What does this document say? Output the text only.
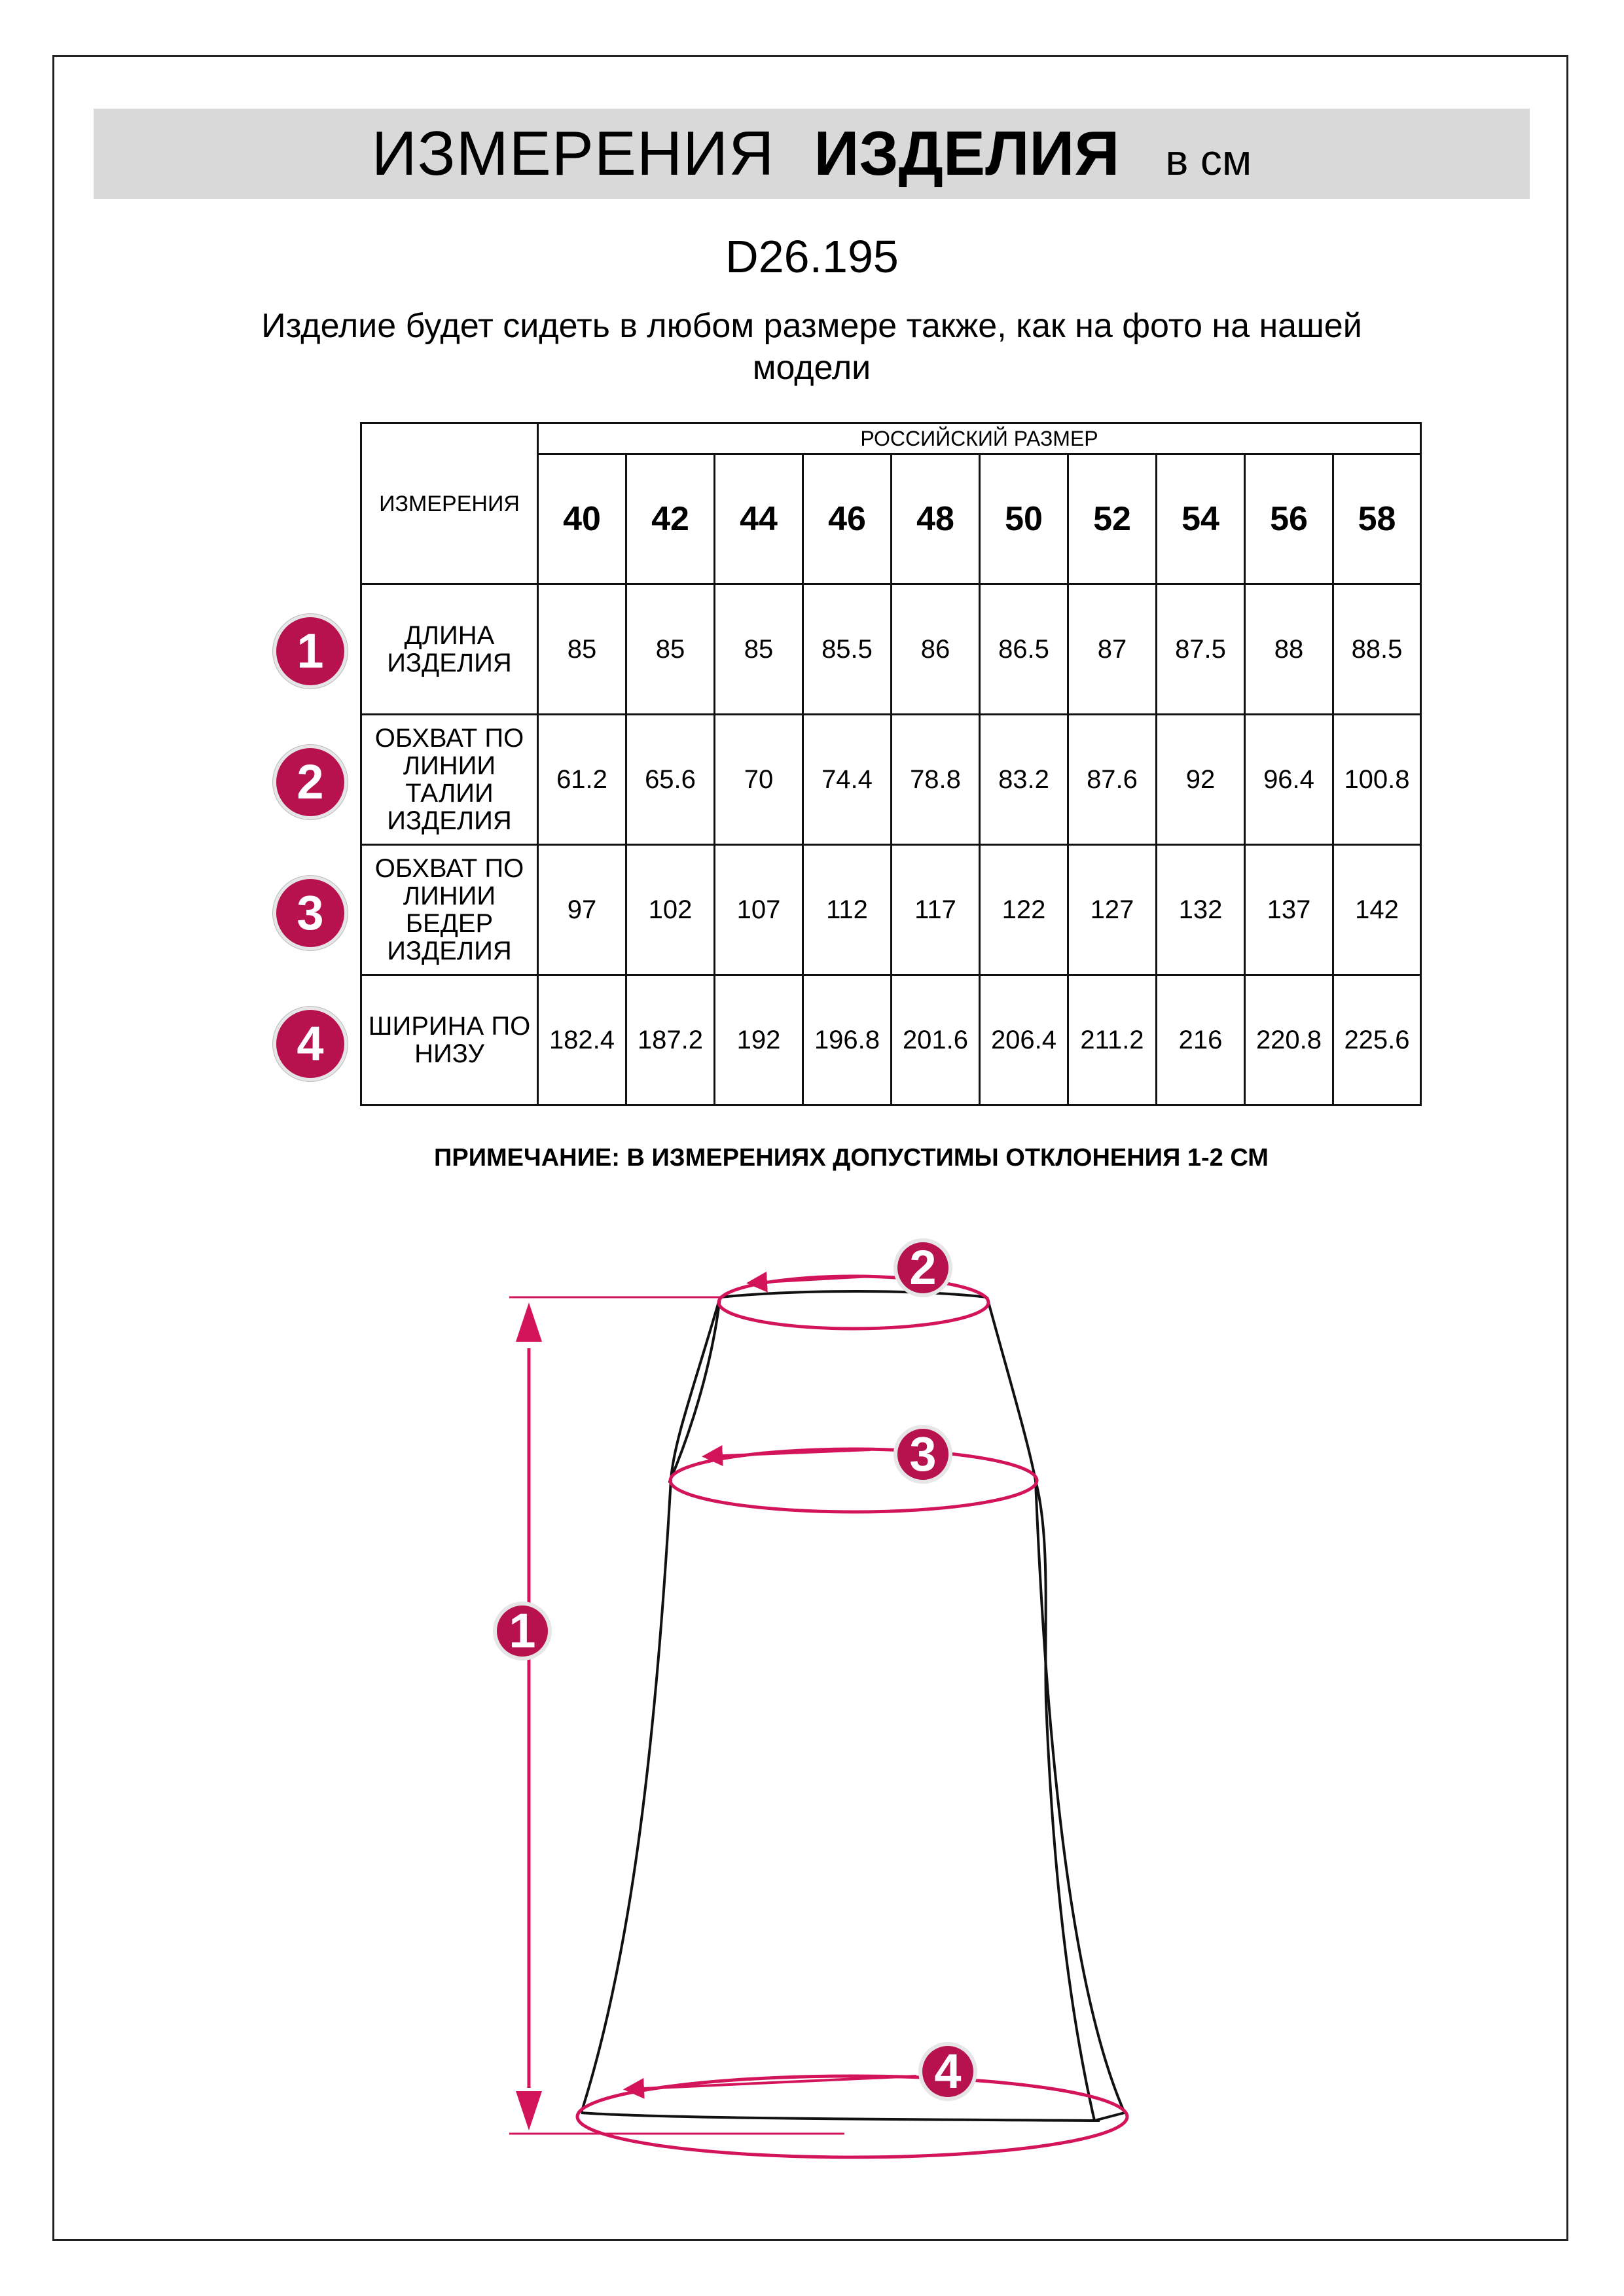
ИЗМЕРЕНИЯ ИЗДЕЛИЯ в см
D26.195
Изделие будет сидеть в любом размере также, как на фото на нашей модели
ИЗМЕРЕНИЯ	РОССИЙСКИЙ РАЗМЕР									
	40	42	44	46	48	50	52	54	56	58
ДЛИНА ИЗДЕЛИЯ	85	85	85	85.5	86	86.5	87	87.5	88	88.5
ОБХВАТ ПО ЛИНИИ ТАЛИИ ИЗДЕЛИЯ	61.2	65.6	70	74.4	78.8	83.2	87.6	92	96.4	100.8
ОБХВАТ ПО ЛИНИИ БЕДЕР ИЗДЕЛИЯ	97	102	107	112	117	122	127	132	137	142
ШИРИНА ПО НИЗУ	182.4	187.2	192	196.8	201.6	206.4	211.2	216	220.8	225.6
1
2
3
4
ПРИМЕЧАНИЕ: В ИЗМЕРЕНИЯХ ДОПУСТИМЫ ОТКЛОНЕНИЯ 1-2 СМ
2
3
1
4
